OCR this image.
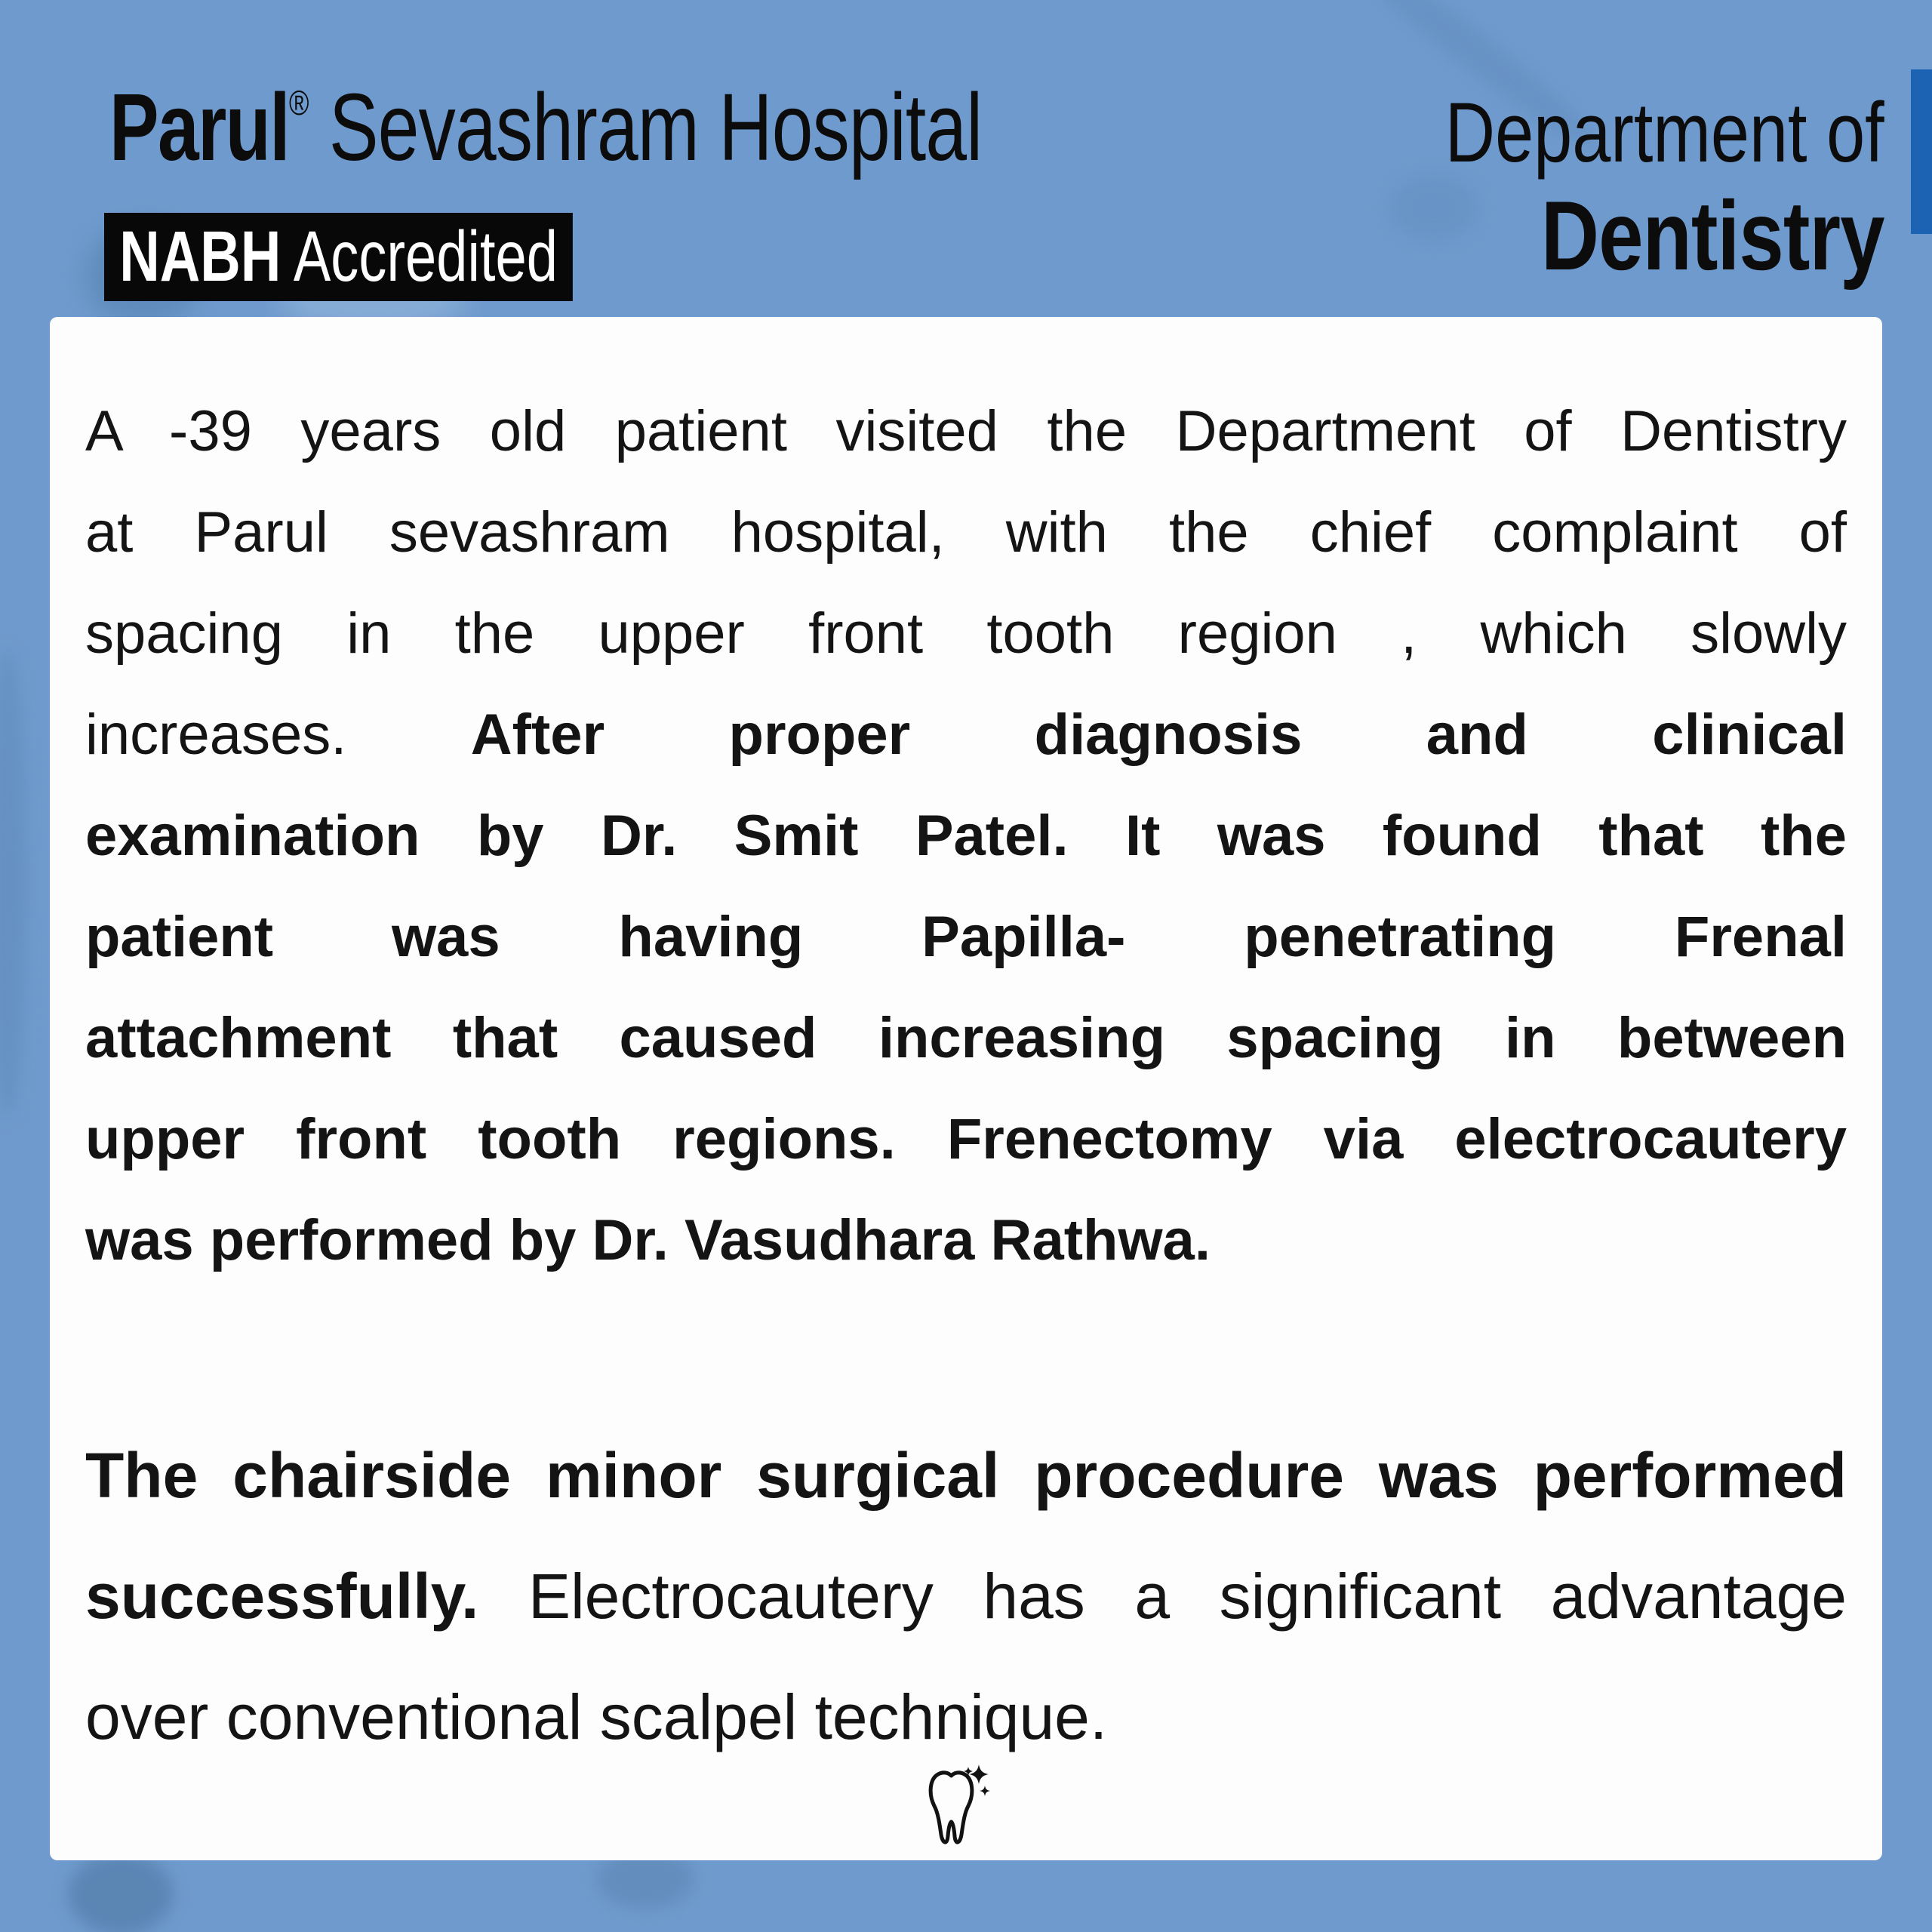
Parul® Sevashram Hospital
NABH Accredited
Department of
Dentistry
A -39 years old patient visited the Department of Dentistry
at Parul sevashram hospital, with the chief complaint of
spacing in the upper front tooth region , which slowly
increases. After proper diagnosis and clinical
examination by Dr. Smit Patel. It was found that the
patient was having Papilla- penetrating Frenal
attachment that caused increasing spacing in between
upper front tooth regions. Frenectomy via electrocautery
was performed by Dr. Vasudhara Rathwa.
The chairside minor surgical procedure was performed
successfully. Electrocautery has a significant advantage
over conventional scalpel technique.
